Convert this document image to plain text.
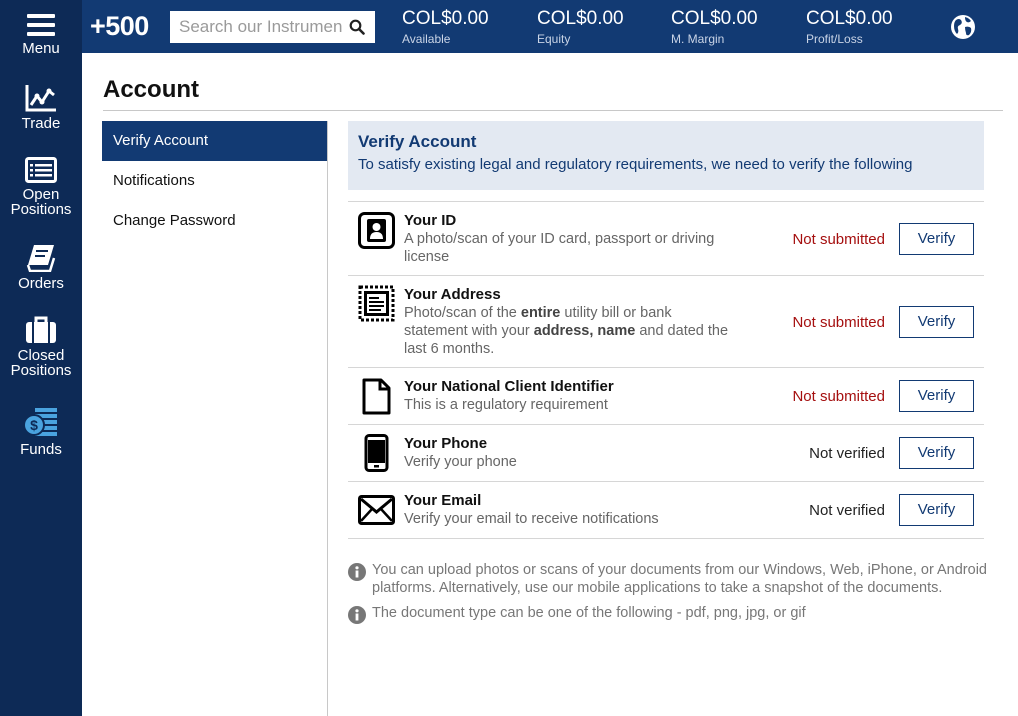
Menu
Trade
Open
Positions
Orders
Closed
Positions
$
Funds
+500
Search our Instruments	COL$0.00
Available
COL$0.00
Equity
COL$0.00
M. Margin
COL$0.00
Profit/Loss
Account
Verify Account
Notifications
Change Password
Verify Account
To satisfy existing legal and regulatory requirements, we need to verify the following
Your ID
A photo/scan of your ID card, passport or driving license
Not submitted	Verify
Your Address
Photo/scan of the entire utility bill or bank statement with your address, name and dated the last 6 months.
Not submitted	Verify
Your National Client Identifier
This is a regulatory requirement	Not submitted	Verify
Your Phone
Verify your phone	Not verified	Verify
Your Email
Verify your email to receive notifications	Not verified	Verify
You can upload photos or scans of your documents from our Windows, Web, iPhone, or Android platforms. Alternatively, use our mobile applications to take a snapshot of the documents.
The document type can be one of the following - pdf, png, jpg, or gif
